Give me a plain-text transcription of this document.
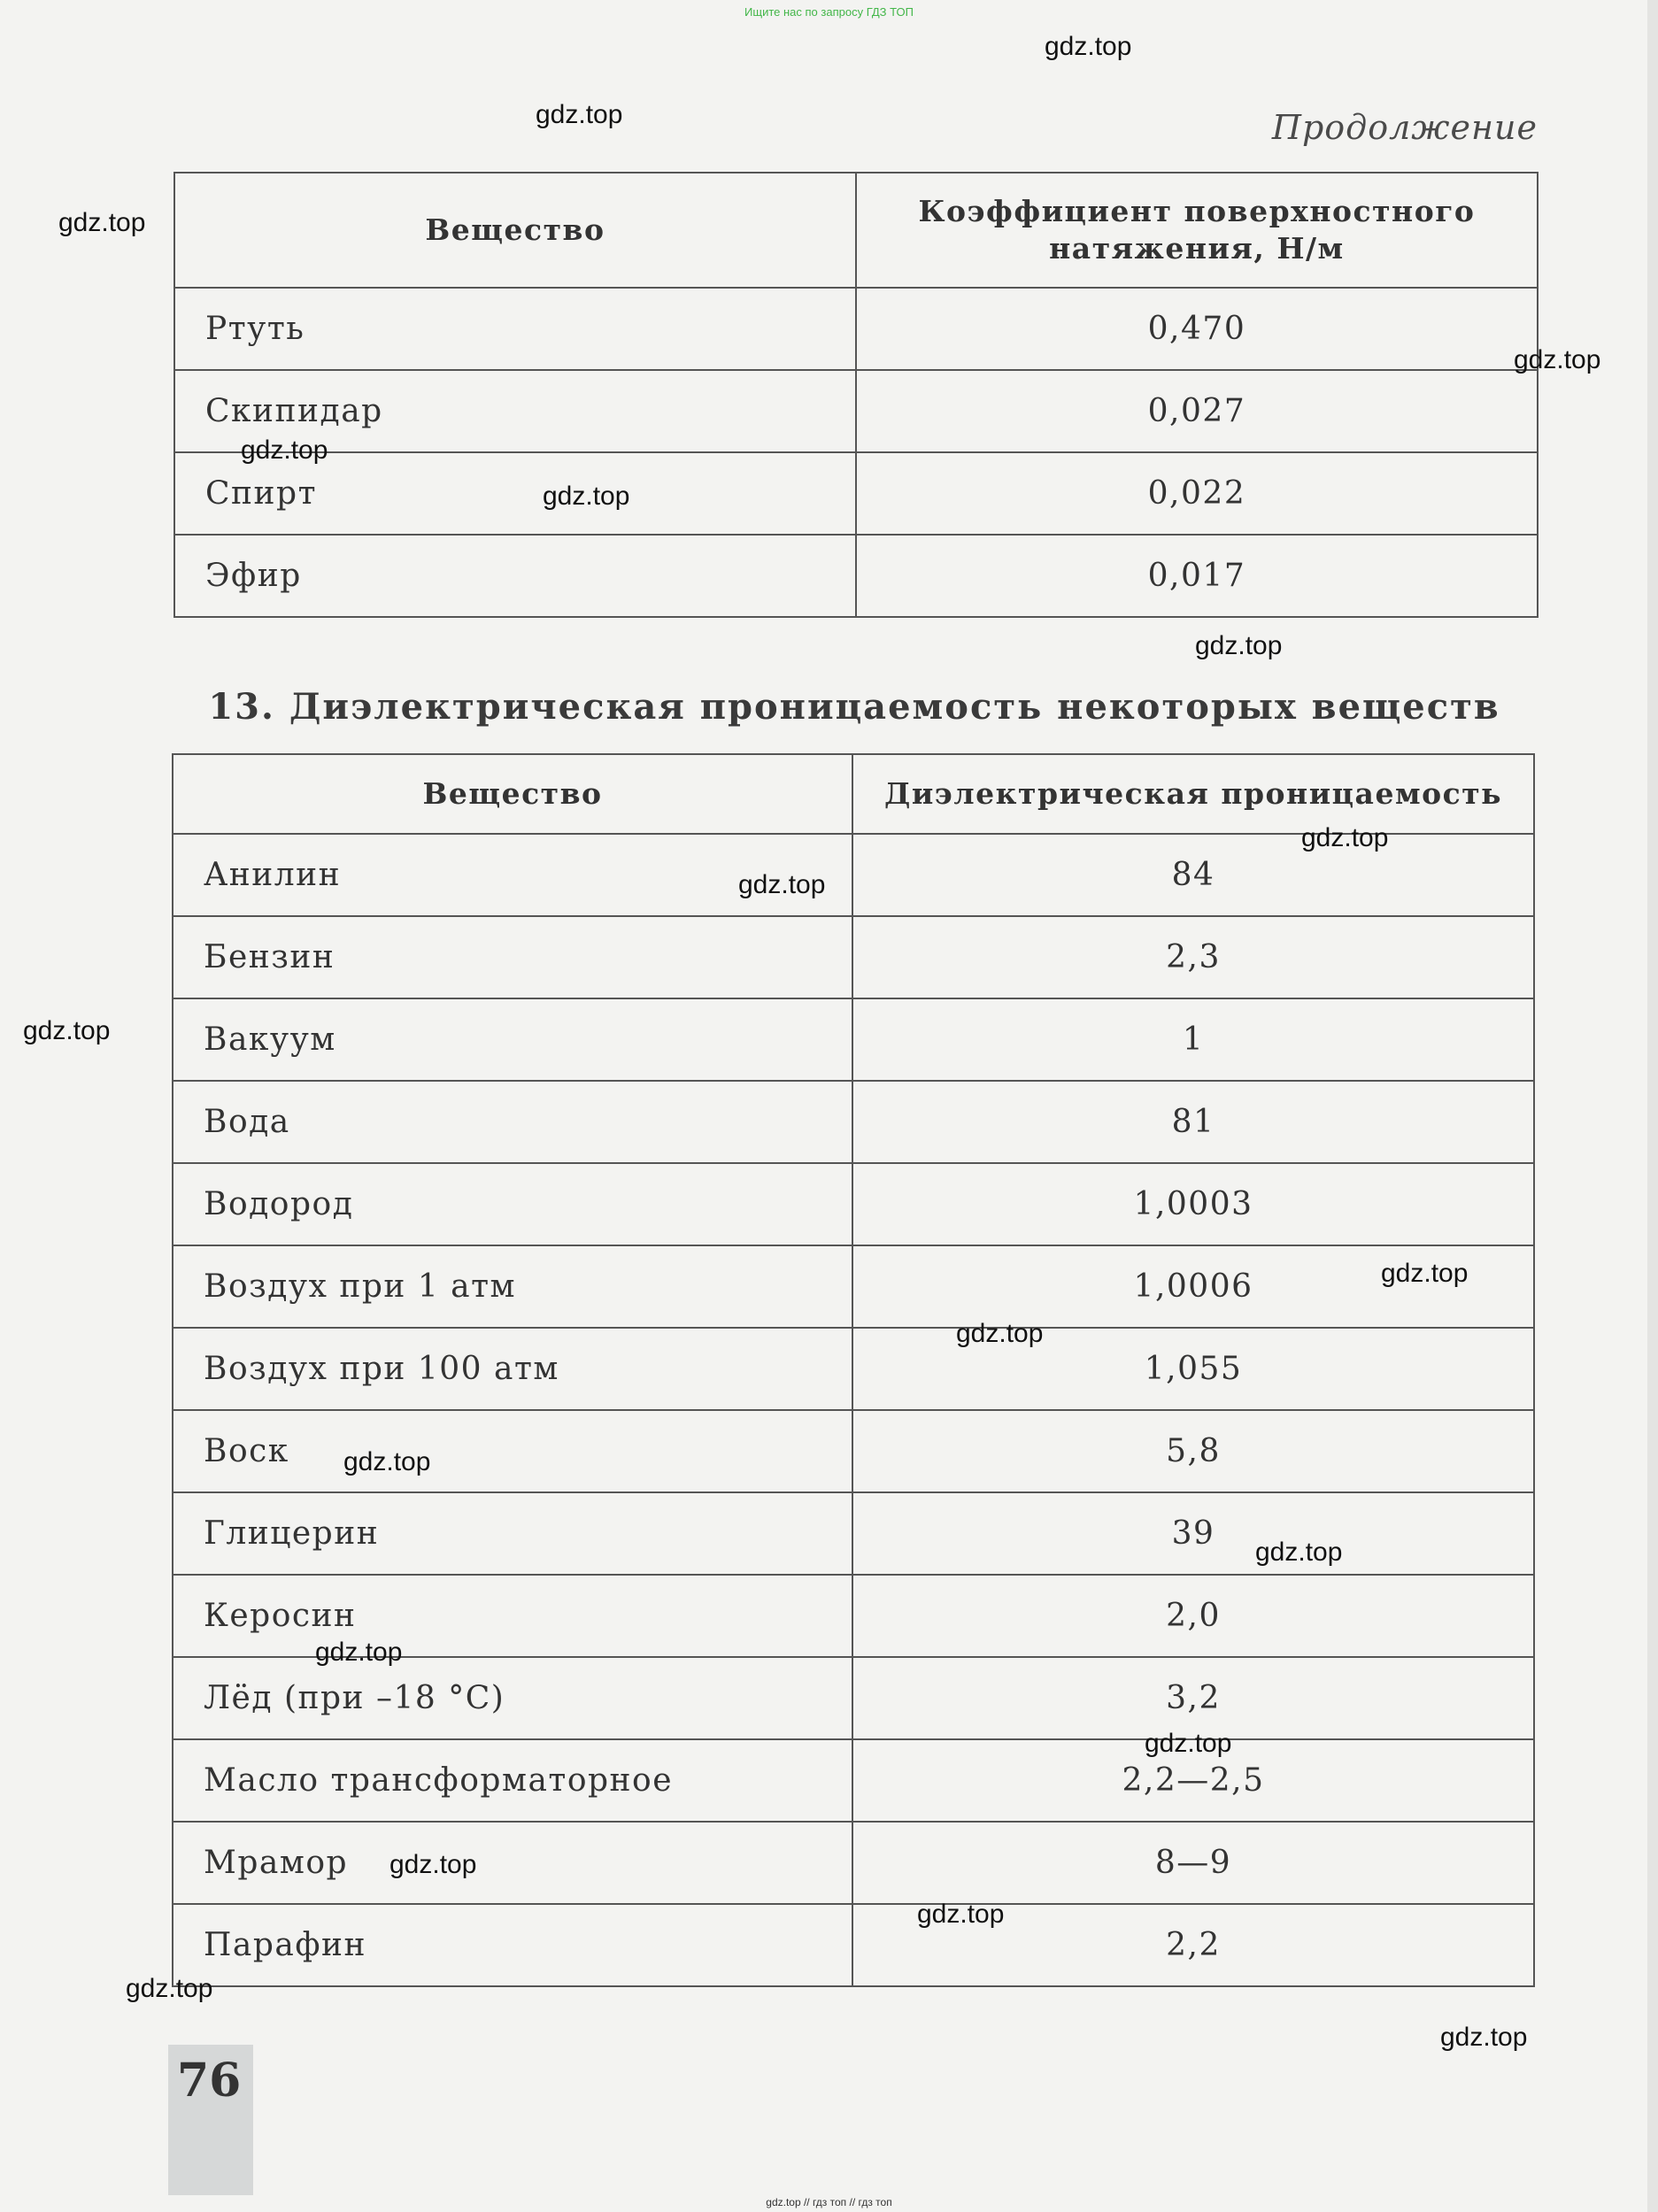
Ищите нас по запросу ГДЗ ТОП
Продолжение
Вещество	Коэффициент поверхностного натяжения, Н/м
Ртуть	0,470
Скипидар	0,027
Спирт	0,022
Эфир	0,017
13. Диэлектрическая проницаемость некоторых веществ
Вещество	Диэлектрическая проницаемость
Анилин	84
Бензин	2,3
Вакуум	1
Вода	81
Водород	1,0003
Воздух при 1 атм	1,0006
Воздух при 100 атм	1,055
Воск	5,8
Глицерин	39
Керосин	2,0
Лёд (при –18 °С)	3,2
Масло трансформаторное	2,2—2,5
Мрамор	8—9
Парафин	2,2
76
gdz.top
gdz.top
gdz.top
gdz.top
gdz.top
gdz.top
gdz.top
gdz.top
gdz.top
gdz.top
gdz.top
gdz.top
gdz.top
gdz.top
gdz.top
gdz.top
gdz.top
gdz.top
gdz.top
gdz.top
gdz.top // гдз топ // гдз топ
